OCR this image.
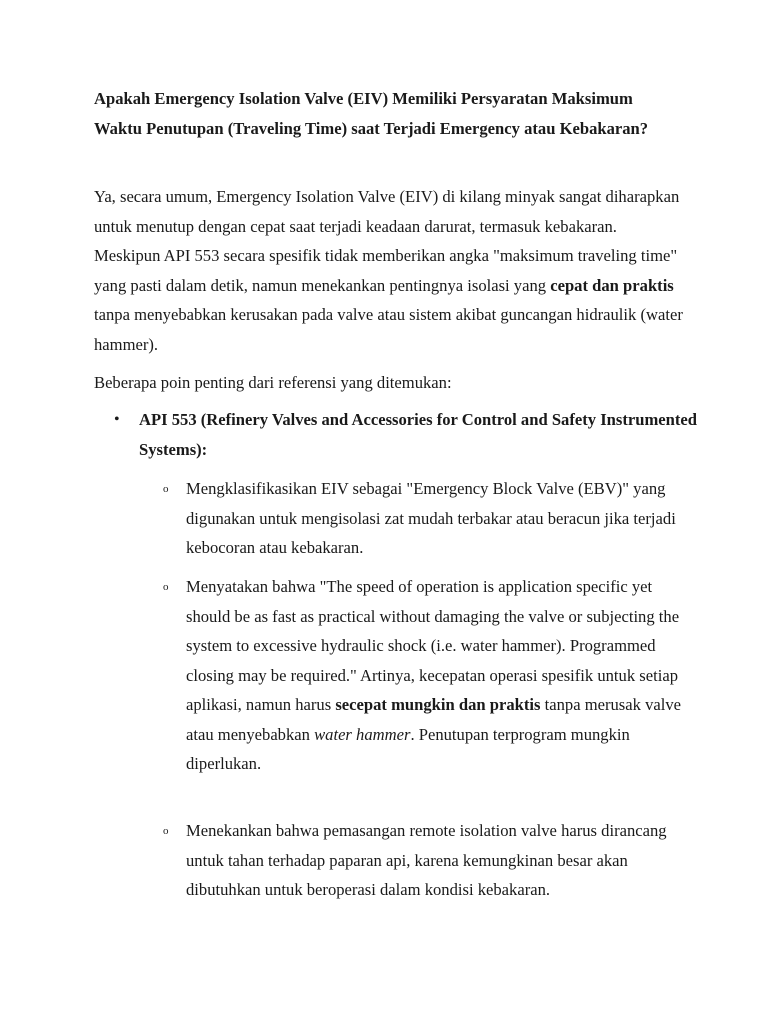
Apakah Emergency Isolation Valve (EIV) Memiliki Persyaratan Maksimum Waktu Penutupan (Traveling Time) saat Terjadi Emergency atau Kebakaran?

Ya, secara umum, Emergency Isolation Valve (EIV) di kilang minyak sangat diharapkan untuk menutup dengan cepat saat terjadi keadaan darurat, termasuk kebakaran. Meskipun API 553 secara spesifik tidak memberikan angka "maksimum traveling time" yang pasti dalam detik, namun menekankan pentingnya isolasi yang cepat dan praktis tanpa menyebabkan kerusakan pada valve atau sistem akibat guncangan hidraulik (water hammer).

Beberapa poin penting dari referensi yang ditemukan:

• API 553 (Refinery Valves and Accessories for Control and Safety Instrumented Systems):
o Mengklasifikasikan EIV sebagai "Emergency Block Valve (EBV)" yang digunakan untuk mengisolasi zat mudah terbakar atau beracun jika terjadi kebocoran atau kebakaran.
o Menyatakan bahwa "The speed of operation is application specific yet should be as fast as practical without damaging the valve or subjecting the system to excessive hydraulic shock (i.e. water hammer). Programmed closing may be required." Artinya, kecepatan operasi spesifik untuk setiap aplikasi, namun harus secepat mungkin dan praktis tanpa merusak valve atau menyebabkan water hammer. Penutupan terprogram mungkin diperlukan.
o Menekankan bahwa pemasangan remote isolation valve harus dirancang untuk tahan terhadap paparan api, karena kemungkinan besar akan dibutuhkan untuk beroperasi dalam kondisi kebakaran.
